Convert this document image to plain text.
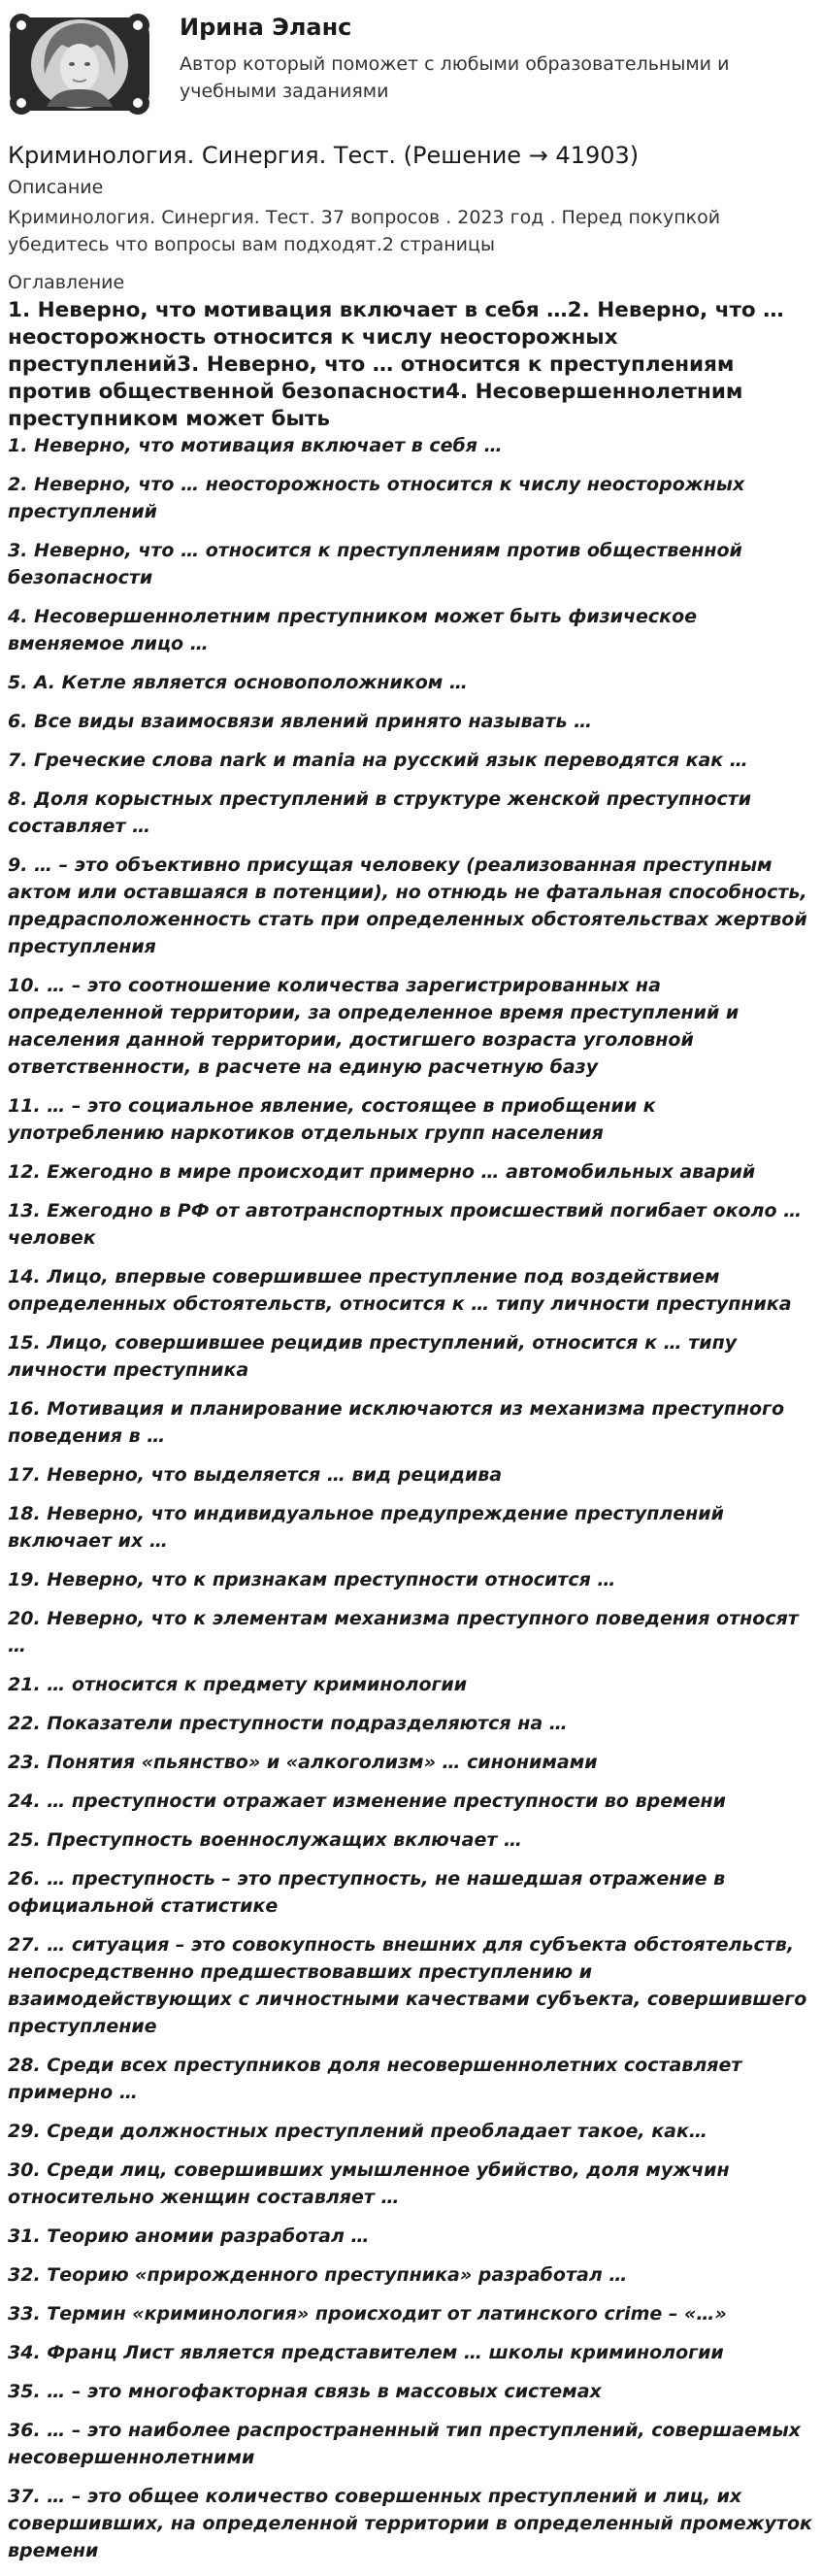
Ирина Эланс
Автор который поможет с любыми образовательными и учебными заданиями
Криминология. Синергия. Тест. (Решение → 41903)
Описание
Криминология. Синергия. Тест. 37 вопросов . 2023 год . Перед покупкой убедитесь что вопросы вам подходят.2 страницы
Оглавление
1. Неверно, что мотивация включает в себя …2. Неверно, что … неосторожность относится к числу неосторожных преступлений3. Неверно, что … относится к преступлениям против общественной безопасности4. Несовершеннолетним преступником может быть
1. Неверно, что мотивация включает в себя …
2. Неверно, что … неосторожность относится к числу неосторожных преступлений
3. Неверно, что … относится к преступлениям против общественной безопасности
4. Несовершеннолетним преступником может быть физическое вменяемое лицо …
5. А. Кетле является основоположником …
6. Все виды взаимосвязи явлений принято называть …
7. Греческие слова nark и mania на русский язык переводятся как …
8. Доля корыстных преступлений в структуре женской преступности составляет …
9. … – это объективно присущая человеку (реализованная преступным актом или оставшаяся в потенции), но отнюдь не фатальная способность, предрасположенность стать при определенных обстоятельствах жертвой преступления
10. … – это соотношение количества зарегистрированных на определенной территории, за определенное время преступлений и населения данной территории, достигшего возраста уголовной ответственности, в расчете на единую расчетную базу
11. … – это социальное явление, состоящее в приобщении к употреблению наркотиков отдельных групп населения
12. Ежегодно в мире происходит примерно … автомобильных аварий
13. Ежегодно в РФ от автотранспортных происшествий погибает около … человек
14. Лицо, впервые совершившее преступление под воздействием определенных обстоятельств, относится к … типу личности преступника
15. Лицо, совершившее рецидив преступлений, относится к … типу личности преступника
16. Мотивация и планирование исключаются из механизма преступного поведения в …
17. Неверно, что выделяется … вид рецидива
18. Неверно, что индивидуальное предупреждение преступлений включает их …
19. Неверно, что к признакам преступности относится …
20. Неверно, что к элементам механизма преступного поведения относят …
21. … относится к предмету криминологии
22. Показатели преступности подразделяются на …
23. Понятия «пьянство» и «алкоголизм» … синонимами
24. … преступности отражает изменение преступности во времени
25. Преступность военнослужащих включает …
26. … преступность – это преступность, не нашедшая отражение в официальной статистике
27. … ситуация – это совокупность внешних для субъекта обстоятельств, непосредственно предшествовавших преступлению и взаимодействующих с личностными качествами субъекта, совершившего преступление
28. Среди всех преступников доля несовершеннолетних составляет примерно …
29. Среди должностных преступлений преобладает такое, как…
30. Среди лиц, совершивших умышленное убийство, доля мужчин относительно женщин составляет …
31. Теорию аномии разработал …
32. Теорию «прирожденного преступника» разработал …
33. Термин «криминология» происходит от латинского crime – «…»
34. Франц Лист является представителем … школы криминологии
35. … – это многофакторная связь в массовых системах
36. … – это наиболее распространенный тип преступлений, совершаемых несовершеннолетними
37. … – это общее количество совершенных преступлений и лиц, их совершивших, на определенной территории в определенный промежуток времени
